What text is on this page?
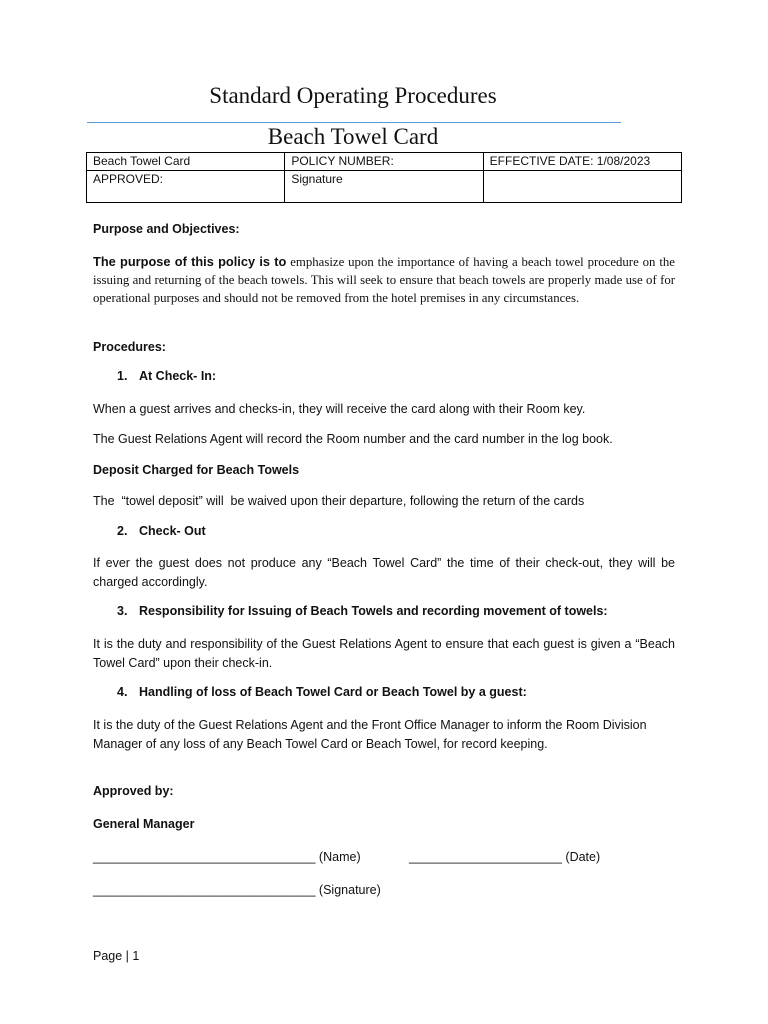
Standard Operating Procedures
Beach Towel Card
Beach Towel Card	POLICY NUMBER:	EFFECTIVE DATE: 1/08/2023
APPROVED:	Signature	
Purpose and Objectives:
The purpose of this policy is to emphasize upon the importance of having a beach towel procedure on the issuing and returning of the beach towels. This will seek to ensure that beach towels are properly made use of for operational purposes and should not be removed from the hotel premises in any circumstances.
Procedures:
1. At Check- In:
When a guest arrives and checks-in, they will receive the card along with their Room key.
The Guest Relations Agent will record the Room number and the card number in the log book.
Deposit Charged for Beach Towels
The  “towel deposit” will  be waived upon their departure, following the return of the cards
2. Check- Out
If ever the guest does not produce any “Beach Towel Card” the time of their check-out, they will be charged accordingly.
3. Responsibility for Issuing of Beach Towels and recording movement of towels:
It is the duty and responsibility of the Guest Relations Agent to ensure that each guest is given a “Beach Towel Card” upon their check-in.
4. Handling of loss of Beach Towel Card or Beach Towel by a guest:
It is the duty of the Guest Relations Agent and the Front Office Manager to inform the Room Division Manager of any loss of any Beach Towel Card or Beach Towel, for record keeping.
Approved by:
General Manager
________________________________ (Name)	______________________ (Date)
________________________________ (Signature)
Page | 1
